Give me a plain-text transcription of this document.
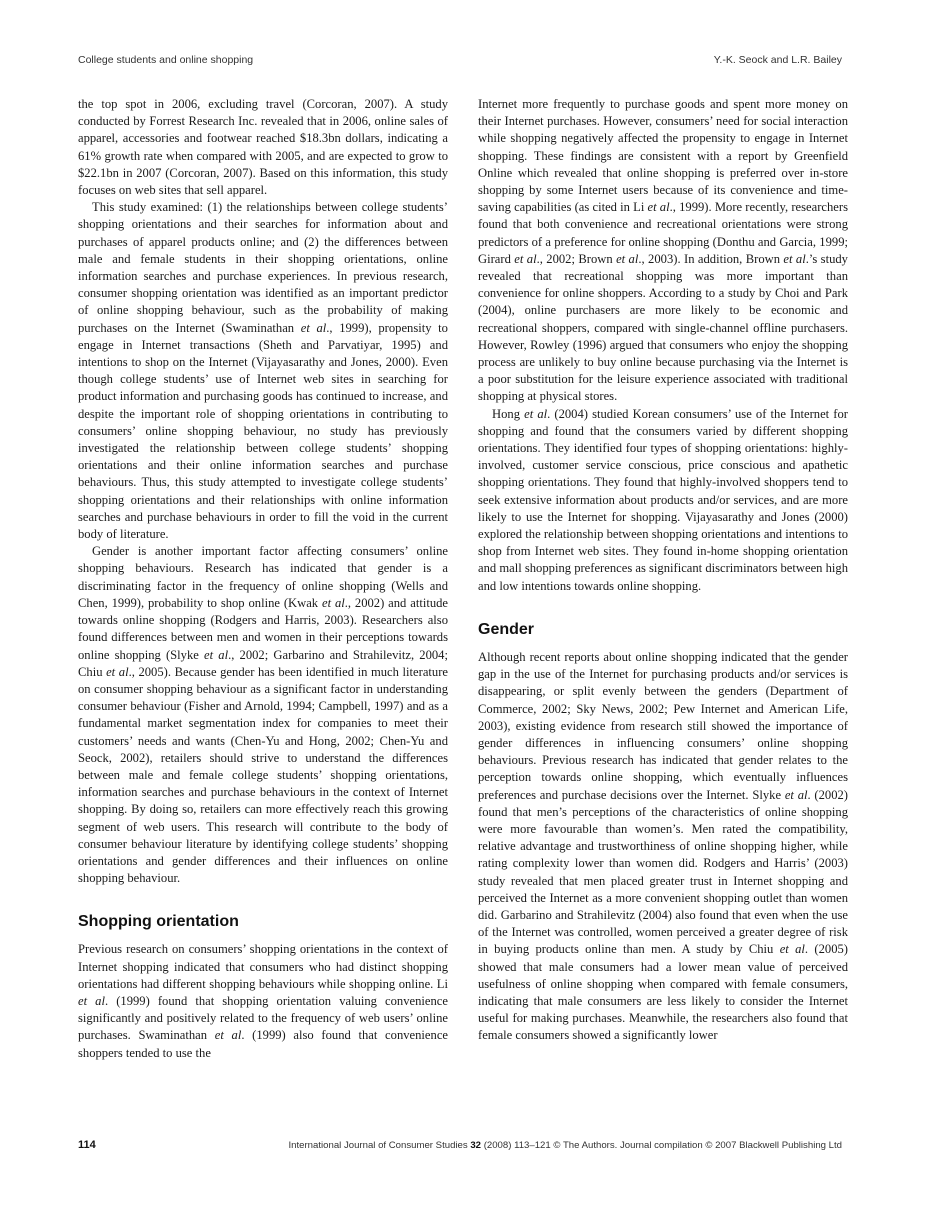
College students and online shopping	Y.-K. Seock and L.R. Bailey

the top spot in 2006, excluding travel (Corcoran, 2007). A study conducted by Forrest Research Inc. revealed that in 2006, online sales of apparel, accessories and footwear reached $18.3bn dollars, indicating a 61% growth rate when compared with 2005, and are expected to grow to $22.1bn in 2007 (Corcoran, 2007). Based on this information, this study focuses on web sites that sell apparel.

This study examined: (1) the relationships between college students’ shopping orientations and their searches for information about and purchases of apparel products online; and (2) the differences between male and female students in their shopping orientations, online information searches and purchase experiences. In previous research, consumer shopping orientation was identified as an important predictor of online shopping behaviour, such as the probability of making purchases on the Internet (Swaminathan et al., 1999), propensity to engage in Internet transactions (Sheth and Parvatiyar, 1995) and intentions to shop on the Internet (Vijayasarathy and Jones, 2000). Even though college students’ use of Internet web sites in searching for product information and purchasing goods has continued to increase, and despite the important role of shopping orientations in contributing to consumers’ online shopping behaviour, no study has previously investigated the relationship between college students’ shopping orientations and their online information searches and purchase behaviours. Thus, this study attempted to investigate college students’ shopping orientations and their relationships with online information searches and purchase behaviours in order to fill the void in the current body of literature.

Gender is another important factor affecting consumers’ online shopping behaviours. Research has indicated that gender is a discriminating factor in the frequency of online shopping (Wells and Chen, 1999), probability to shop online (Kwak et al., 2002) and attitude towards online shopping (Rodgers and Harris, 2003). Researchers also found differences between men and women in their perceptions towards online shopping (Slyke et al., 2002; Garbarino and Strahilevitz, 2004; Chiu et al., 2005). Because gender has been identified in much literature on consumer shopping behaviour as a significant factor in understanding consumer behaviour (Fisher and Arnold, 1994; Campbell, 1997) and as a fundamental market segmentation index for companies to meet their customers’ needs and wants (Chen-Yu and Hong, 2002; Chen-Yu and Seock, 2002), retailers should strive to understand the differences between male and female college students’ shopping orientations, information searches and purchase behaviours in the context of Internet shopping. By doing so, retailers can more effectively reach this growing segment of web users. This research will contribute to the body of consumer behaviour literature by identifying college students’ shopping orientations and gender differences and their influences on online shopping behaviour.

Shopping orientation

Previous research on consumers’ shopping orientations in the context of Internet shopping indicated that consumers who had distinct shopping orientations had different shopping behaviours while shopping online. Li et al. (1999) found that shopping orientation valuing convenience significantly and positively related to the frequency of web users’ online purchases. Swaminathan et al. (1999) also found that convenience shoppers tended to use the

Internet more frequently to purchase goods and spent more money on their Internet purchases. However, consumers’ need for social interaction while shopping negatively affected the propensity to engage in Internet shopping. These findings are consistent with a report by Greenfield Online which revealed that online shopping is preferred over in-store shopping by some Internet users because of its convenience and time-saving capabilities (as cited in Li et al., 1999). More recently, researchers found that both convenience and recreational orientations were strong predictors of a preference for online shopping (Donthu and Garcia, 1999; Girard et al., 2002; Brown et al., 2003). In addition, Brown et al.’s study revealed that recreational shopping was more important than convenience for online shoppers. According to a study by Choi and Park (2004), online purchasers are more likely to be economic and recreational shoppers, compared with single-channel offline purchasers. However, Rowley (1996) argued that consumers who enjoy the shopping process are unlikely to buy online because purchasing via the Internet is a poor substitution for the leisure experience associated with traditional shopping at physical stores.

Hong et al. (2004) studied Korean consumers’ use of the Internet for shopping and found that the consumers varied by different shopping orientations. They identified four types of shopping orientations: highly-involved, customer service conscious, price conscious and apathetic shopping orientations. They found that highly-involved shoppers tend to seek extensive information about products and/or services, and are more likely to use the Internet for shopping. Vijayasarathy and Jones (2000) explored the relationship between shopping orientations and intentions to shop from Internet web sites. They found in-home shopping orientation and mall shopping preferences as significant discriminators between high and low intentions towards online shopping.

Gender

Although recent reports about online shopping indicated that the gender gap in the use of the Internet for purchasing products and/or services is disappearing, or split evenly between the genders (Department of Commerce, 2002; Sky News, 2002; Pew Internet and American Life, 2003), existing evidence from research still showed the importance of gender differences in influencing consumers’ online shopping behaviours. Previous research has indicated that gender relates to the perception towards online shopping, which eventually influences preferences and purchase decisions over the Internet. Slyke et al. (2002) found that men’s perceptions of the characteristics of online shopping were more favourable than women’s. Men rated the compatibility, relative advantage and trustworthiness of online shopping higher, while rating complexity lower than women did. Rodgers and Harris’ (2003) study revealed that men placed greater trust in Internet shopping and perceived the Internet as a more convenient shopping outlet than women did. Garbarino and Strahilevitz (2004) also found that even when the use of the Internet was controlled, women perceived a greater degree of risk in buying products online than men. A study by Chiu et al. (2005) showed that male consumers had a lower mean value of perceived usefulness of online shopping when compared with female consumers, indicating that male consumers are less likely to consider the Internet useful for making purchases. Meanwhile, the researchers also found that female consumers showed a significantly lower

114	International Journal of Consumer Studies 32 (2008) 113–121 © The Authors. Journal compilation © 2007 Blackwell Publishing Ltd
